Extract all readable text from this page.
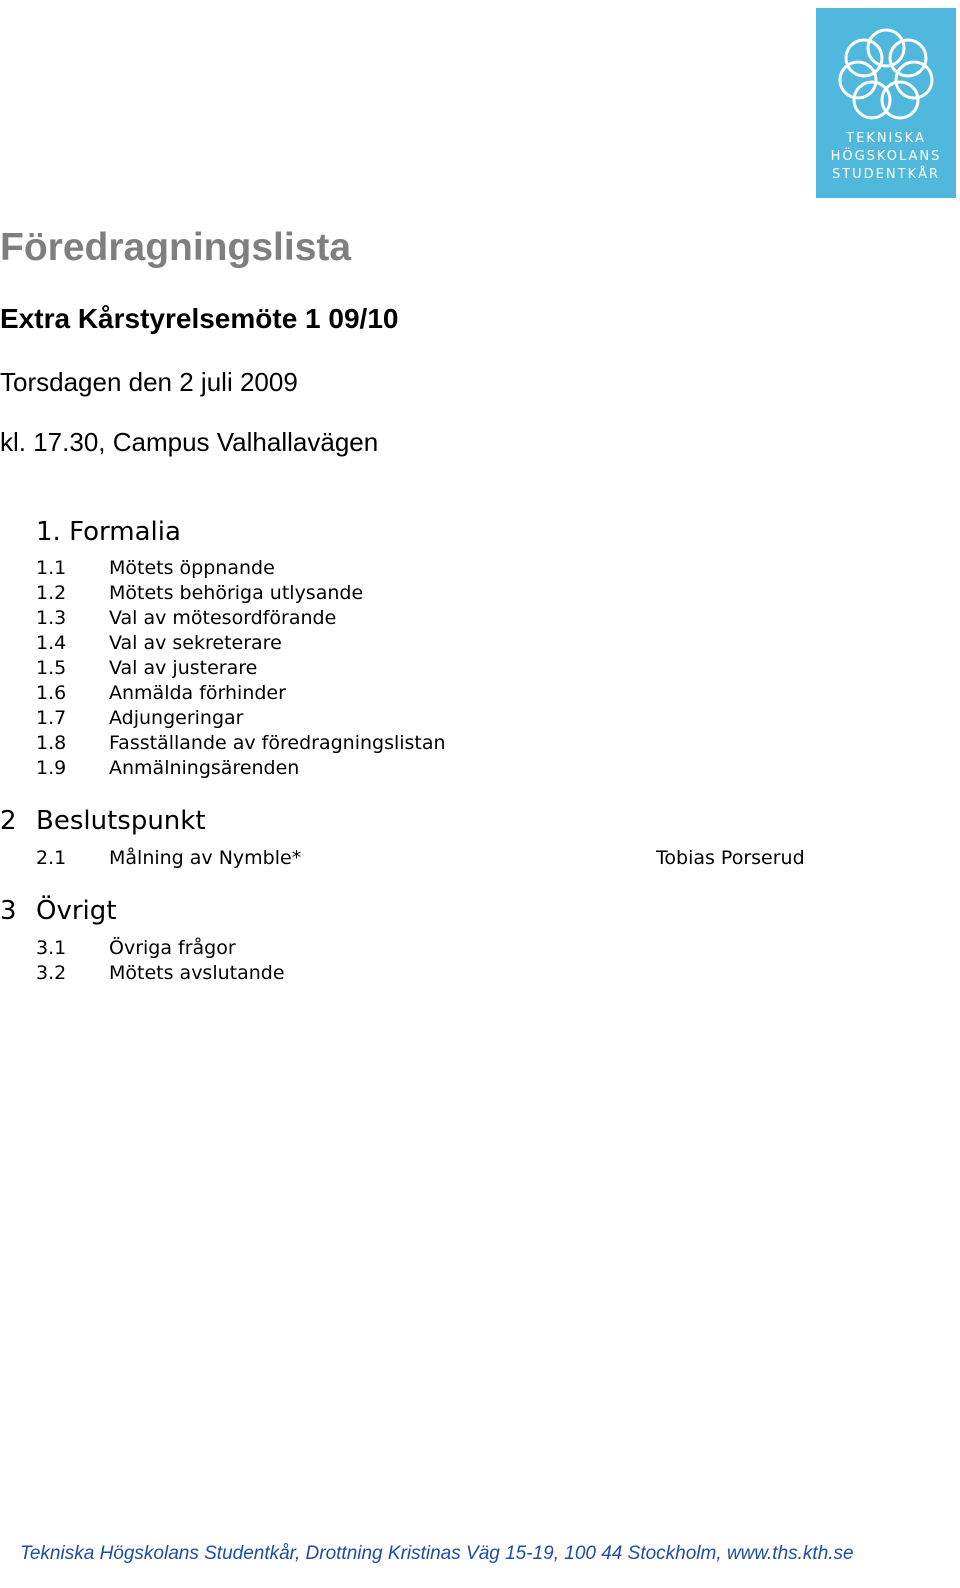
TEKNISKA
HÖGSKOLANS
STUDENTKÅR
Föredragningslista
Extra Kårstyrelsemöte 1 09/10

Torsdagen den 2 juli 2009

kl. 17.30, Campus Valhallavägen

1. Formalia
1.1	Mötets öppnande
1.2	Mötets behöriga utlysande
1.3	Val av mötesordförande
1.4	Val av sekreterare
1.5	Val av justerare
1.6	Anmälda förhinder
1.7	Adjungeringar
1.8	Fasställande av föredragningslistan
1.9	Anmälningsärenden
2 Beslutspunkt
2.1	Målning av Nymble*	Tobias Porserud
3 Övrigt
3.1	Övriga frågor
3.2	Mötets avslutande
Tekniska Högskolans Studentkår, Drottning Kristinas Väg 15-19, 100 44 Stockholm, www.ths.kth.se
